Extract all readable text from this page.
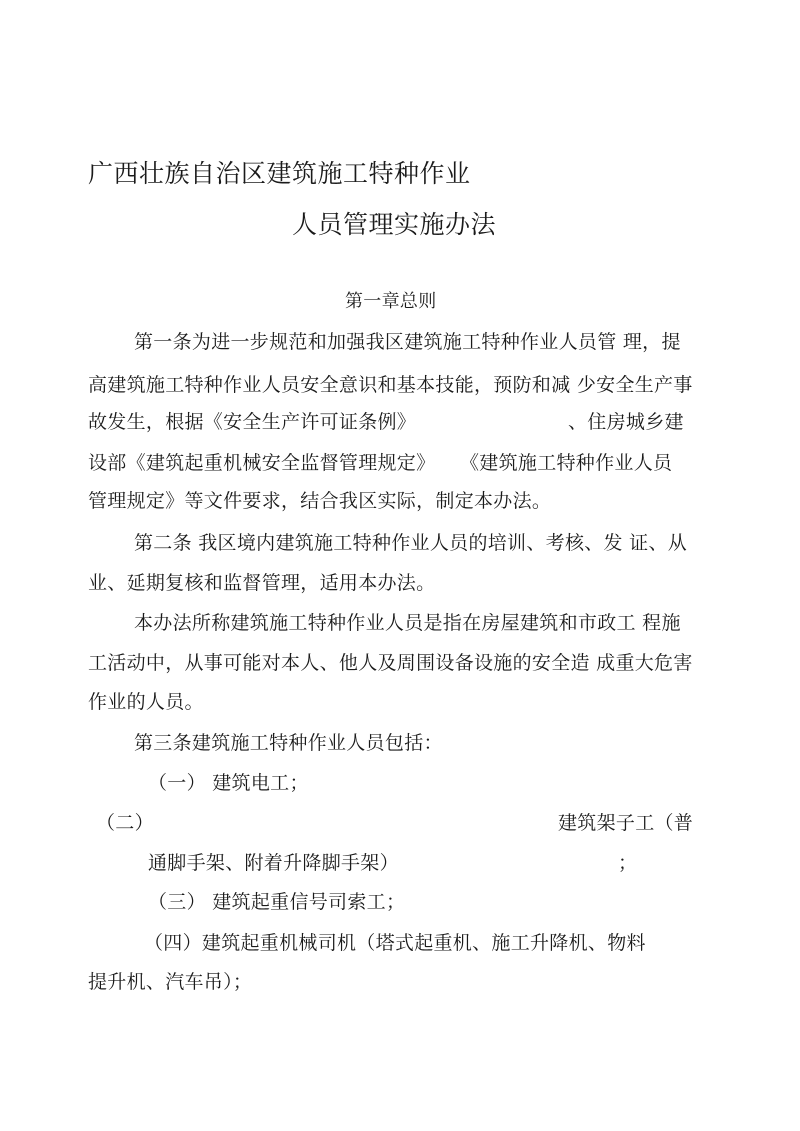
广西壮族自治区建筑施工特种作业
人员管理实施办法
第一章总则
第一条为进一步规范和加强我区建筑施工特种作业人员管 理，提
高建筑施工特种作业人员安全意识和基本技能，预防和减 少安全生产事
故发生，根据《安全生产许可证条例》	、住房城乡建
设部《建筑起重机械安全监督管理规定》 《建筑施工特种作业人员
管理规定》等文件要求，结合我区实际，制定本办法。
第二条 我区境内建筑施工特种作业人员的培训、考核、发 证、从
业、延期复核和监督管理，适用本办法。
本办法所称建筑施工特种作业人员是指在房屋建筑和市政工 程施
工活动中，从事可能对本人、他人及周围设备设施的安全造 成重大危害
作业的人员。
第三条建筑施工特种作业人员包括：
（一） 建筑电工；
（二）	建筑架子工（普
通脚手架、附着升降脚手架）	；
（三） 建筑起重信号司索工；
（四）建筑起重机械司机（塔式起重机、施工升降机、物料
提升机、汽车吊）；
